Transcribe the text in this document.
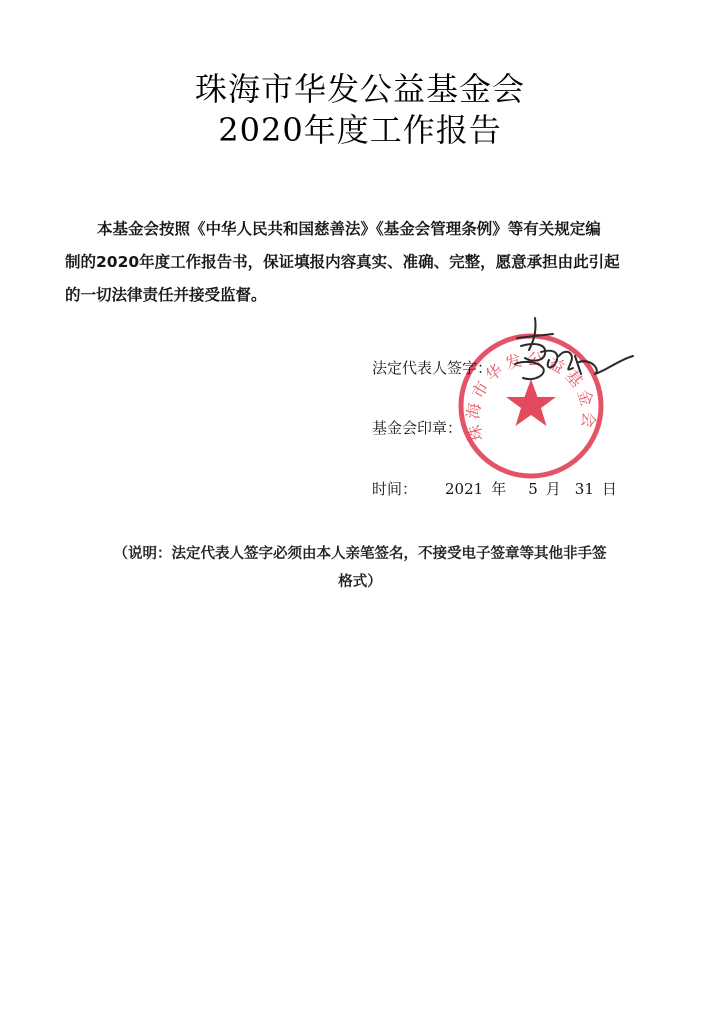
珠海市华发公益基金会
2020年度工作报告
本基金会按照《中华人民共和国慈善法》《基金会管理条例》等有关规定编
制的2020年度工作报告书，保证填报内容真实、准确、完整，愿意承担由此引起
的一切法律责任并接受监督。
珠海市华发公益基金会
法定代表人签字：
基金会印章：
时间： 2021 年 5 月 31 日
（说明：法定代表人签字必须由本人亲笔签名，不接受电子签章等其他非手签
格式）
